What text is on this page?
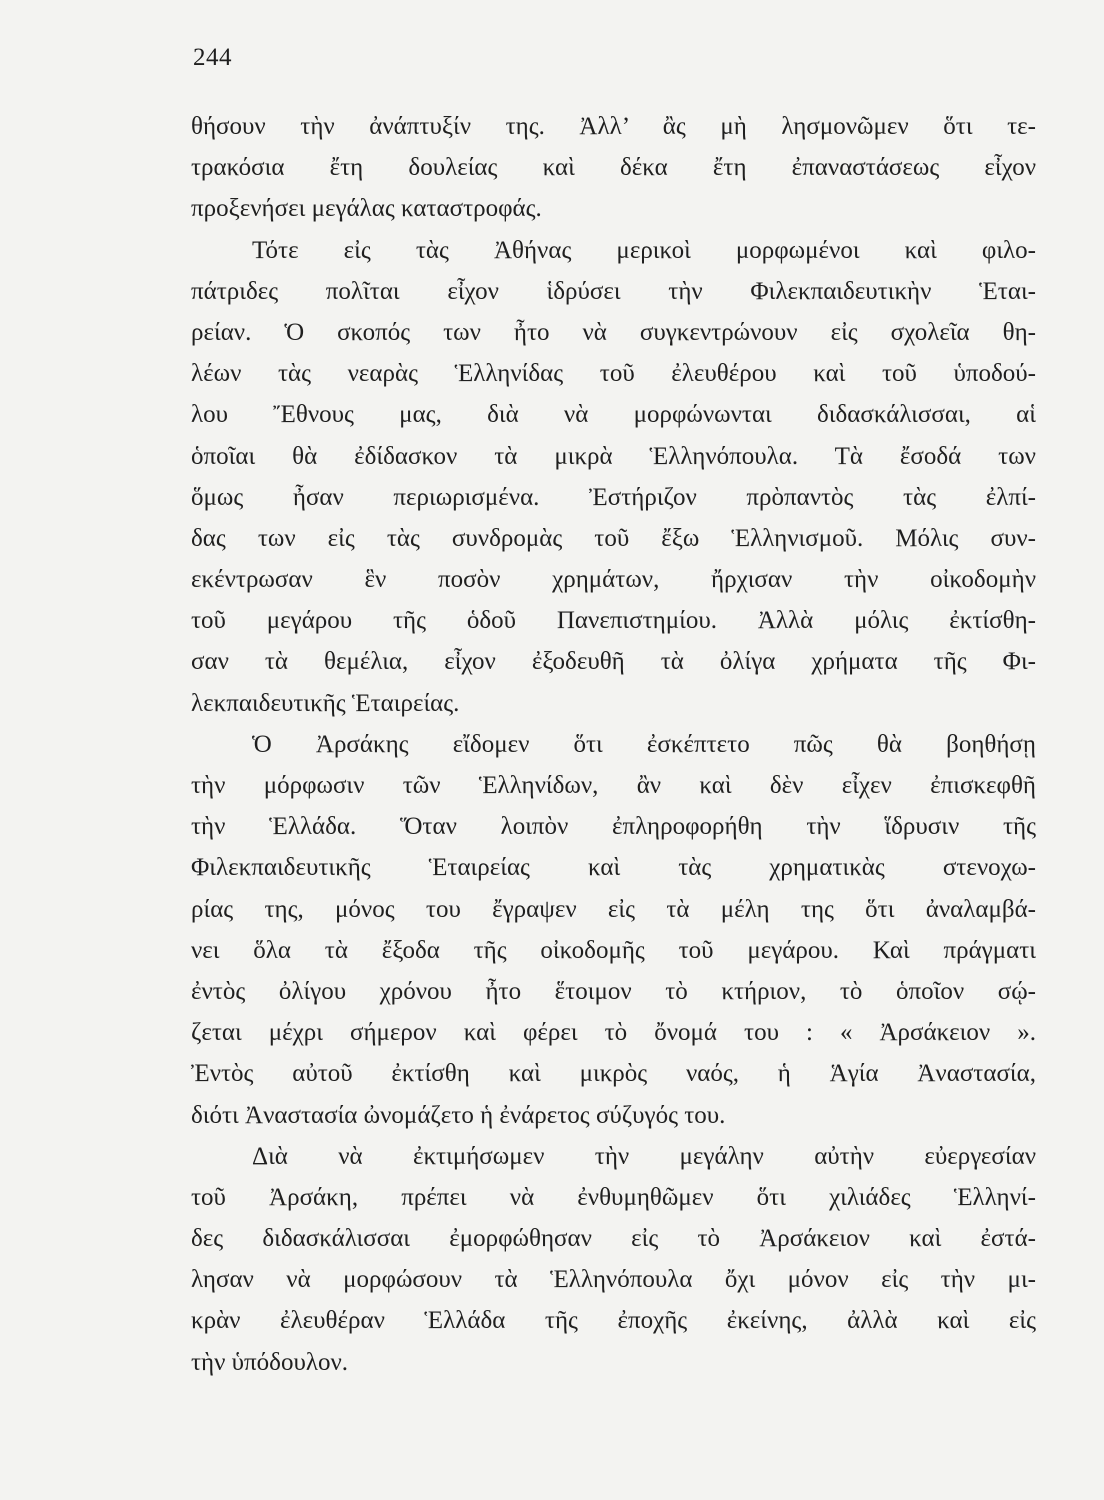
244
θήσουν τὴν ἀνάπτυξίν της. Ἀλλ’ ἂς μὴ λησμονῶμεν ὅτι τε-
τρακόσια ἔτη δουλείας καὶ δέκα ἔτη ἐπαναστάσεως εἶχον
προξενήσει μεγάλας καταστροφάς.
Τότε εἰς τὰς Ἀθήνας μερικοὶ μορφωμένοι καὶ φιλο-
πάτριδες πολῖται εἶχον ἱδρύσει τὴν Φιλεκπαιδευτικὴν Ἑται-
ρείαν. Ὁ σκοπός των ἦτο νὰ συγκεντρώνουν εἰς σχολεῖα θη-
λέων τὰς νεαρὰς Ἑλληνίδας τοῦ ἐλευθέρου καὶ τοῦ ὑποδού-
λου Ἔθνους μας, διὰ νὰ μορφώνωνται διδασκάλισσαι, αἱ
ὁποῖαι θὰ ἐδίδασκον τὰ μικρὰ Ἑλληνόπουλα. Τὰ ἔσοδά των
ὅμως ἦσαν περιωρισμένα. Ἐστήριζον πρὸπαντὸς τὰς ἐλπί-
δας των εἰς τὰς συνδρομὰς τοῦ ἔξω Ἑλληνισμοῦ. Μόλις συν-
εκέντρωσαν ἓν ποσὸν χρημάτων, ἤρχισαν τὴν οἰκοδομὴν
τοῦ μεγάρου τῆς ὁδοῦ Πανεπιστημίου. Ἀλλὰ μόλις ἐκτίσθη-
σαν τὰ θεμέλια, εἶχον ἐξοδευθῆ τὰ ὀλίγα χρήματα τῆς Φι-
λεκπαιδευτικῆς Ἑταιρείας.
Ὁ Ἀρσάκης εἴδομεν ὅτι ἐσκέπτετο πῶς θὰ βοηθήσῃ
τὴν μόρφωσιν τῶν Ἑλληνίδων, ἂν καὶ δὲν εἶχεν ἐπισκεφθῆ
τὴν Ἑλλάδα. Ὅταν λοιπὸν ἐπληροφορήθη τὴν ἵδρυσιν τῆς
Φιλεκπαιδευτικῆς Ἑταιρείας καὶ τὰς χρηματικὰς στενοχω-
ρίας της, μόνος του ἔγραψεν εἰς τὰ μέλη της ὅτι ἀναλαμβά-
νει ὅλα τὰ ἔξοδα τῆς οἰκοδομῆς τοῦ μεγάρου. Καὶ πράγματι
ἐντὸς ὀλίγου χρόνου ἦτο ἕτοιμον τὸ κτήριον, τὸ ὁποῖον σῴ-
ζεται μέχρι σήμερον καὶ φέρει τὸ ὄνομά του : « Ἀρσάκειον ».
Ἐντὸς αὐτοῦ ἐκτίσθη καὶ μικρὸς ναός, ἡ Ἁγία Ἀναστασία,
διότι Ἀναστασία ὠνομάζετο ἡ ἐνάρετος σύζυγός του.
Διὰ νὰ ἐκτιμήσωμεν τὴν μεγάλην αὐτὴν εὐεργεσίαν
τοῦ Ἀρσάκη, πρέπει νὰ ἐνθυμηθῶμεν ὅτι χιλιάδες Ἑλληνί-
δες διδασκάλισσαι ἐμορφώθησαν εἰς τὸ Ἀρσάκειον καὶ ἐστά-
λησαν νὰ μορφώσουν τὰ Ἑλληνόπουλα ὄχι μόνον εἰς τὴν μι-
κρὰν ἐλευθέραν Ἑλλάδα τῆς ἐποχῆς ἐκείνης, ἀλλὰ καὶ εἰς
τὴν ὑπόδουλον.
